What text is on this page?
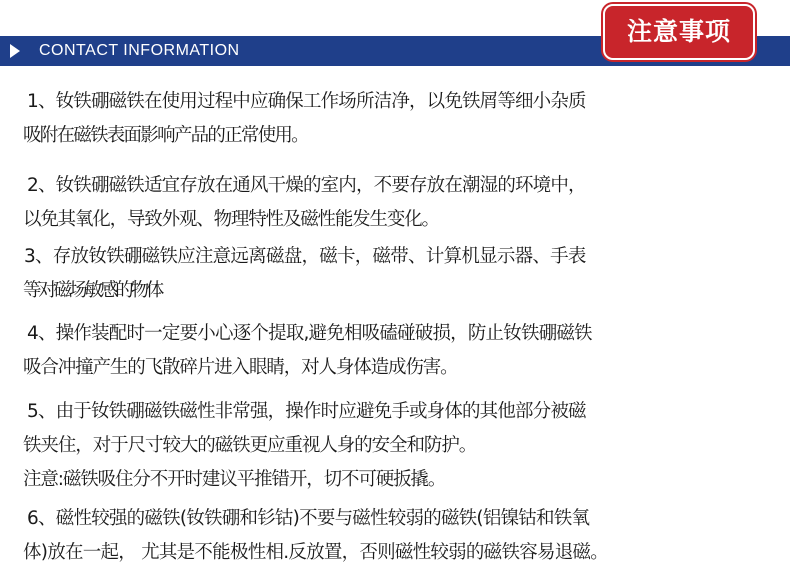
CONTACT INFORMATION
注意事项
1、钕铁硼磁铁在使用过程中应确保工作场所洁净，以免铁屑等细小杂质
吸附在磁铁表面影响产品的正常使用。
2、钕铁硼磁铁适宜存放在通风干燥的室内，不要存放在潮湿的环境中，
以免其氧化，导致外观、物理特性及磁性能发生变化。
3、存放钕铁硼磁铁应注意远离磁盘，磁卡，磁带、计算机显示器、手表
等对磁场敏感的物体
4、操作装配时一定要小心逐个提取,避免相吸磕碰破损，防止钕铁硼磁铁
吸合冲撞产生的飞散碎片进入眼睛，对人身体造成伤害。
5、由于钕铁硼磁铁磁性非常强，操作时应避免手或身体的其他部分被磁
铁夹住，对于尺寸较大的磁铁更应重视人身的安全和防护。
注意:磁铁吸住分不开时建议平推错开，切不可硬扳撬。
6、磁性较强的磁铁(钕铁硼和钐钴)不要与磁性较弱的磁铁(铝镍钴和铁氧
体)放在一起， 尤其是不能极性相.反放置，否则磁性较弱的磁铁容易退磁。
